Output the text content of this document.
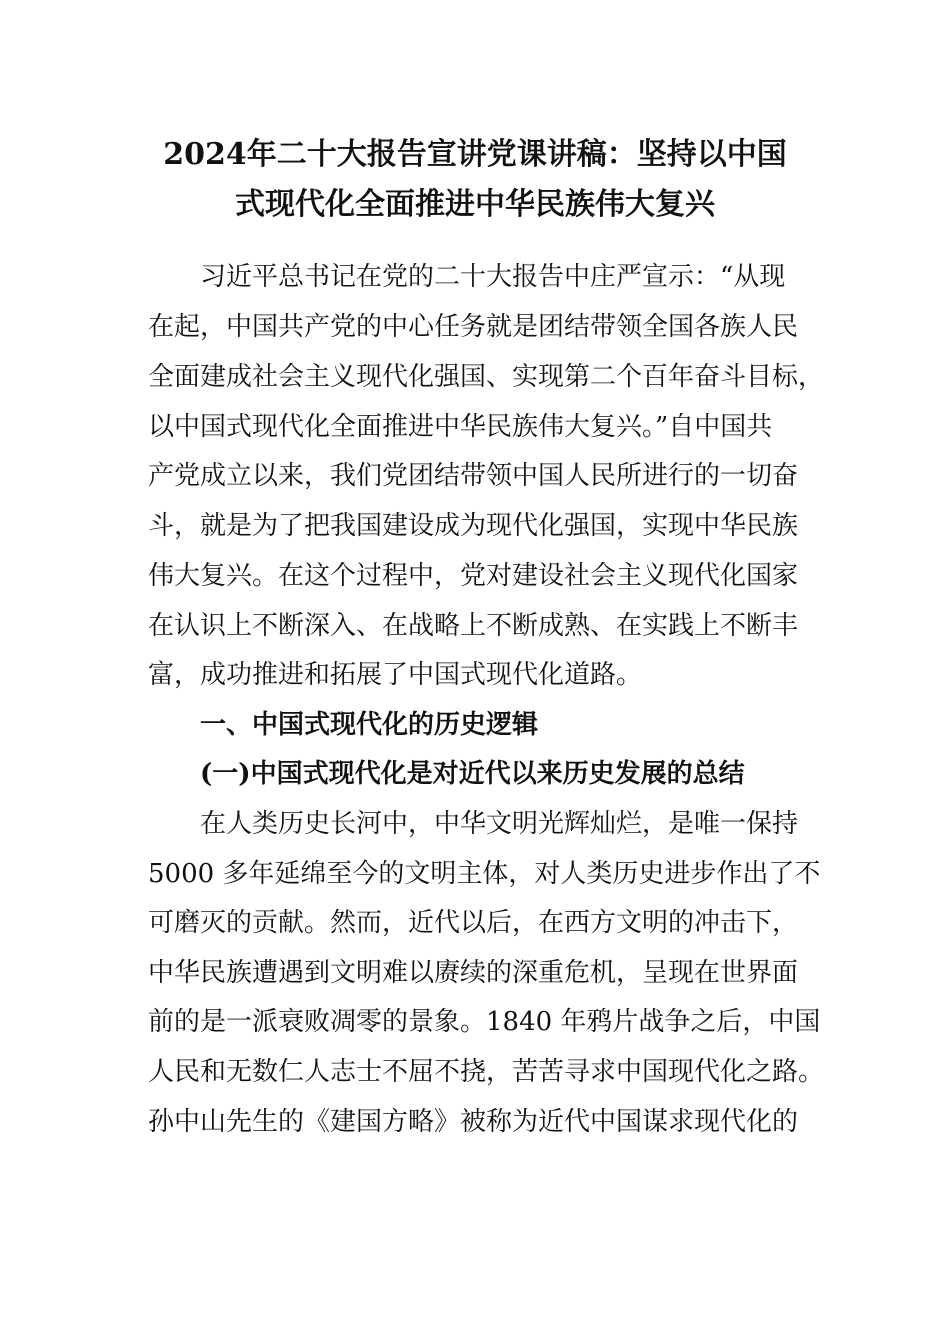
2024年二十大报告宣讲党课讲稿：坚持以中国
式现代化全面推进中华民族伟大复兴
习近平总书记在党的二十大报告中庄严宣示：“从现
在起，中国共产党的中心任务就是团结带领全国各族人民
全面建成社会主义现代化强国、实现第二个百年奋斗目标，
以中国式现代化全面推进中华民族伟大复兴。”自中国共
产党成立以来，我们党团结带领中国人民所进行的一切奋
斗，就是为了把我国建设成为现代化强国，实现中华民族
伟大复兴。在这个过程中，党对建设社会主义现代化国家
在认识上不断深入、在战略上不断成熟、在实践上不断丰
富，成功推进和拓展了中国式现代化道路。
一、中国式现代化的历史逻辑
(一)中国式现代化是对近代以来历史发展的总结
在人类历史长河中，中华文明光辉灿烂，是唯一保持
5000 多年延绵至今的文明主体，对人类历史进步作出了不
可磨灭的贡献。然而，近代以后，在西方文明的冲击下，
中华民族遭遇到文明难以赓续的深重危机，呈现在世界面
前的是一派衰败凋零的景象。1840 年鸦片战争之后，中国
人民和无数仁人志士不屈不挠，苦苦寻求中国现代化之路。
孙中山先生的《建国方略》被称为近代中国谋求现代化的
